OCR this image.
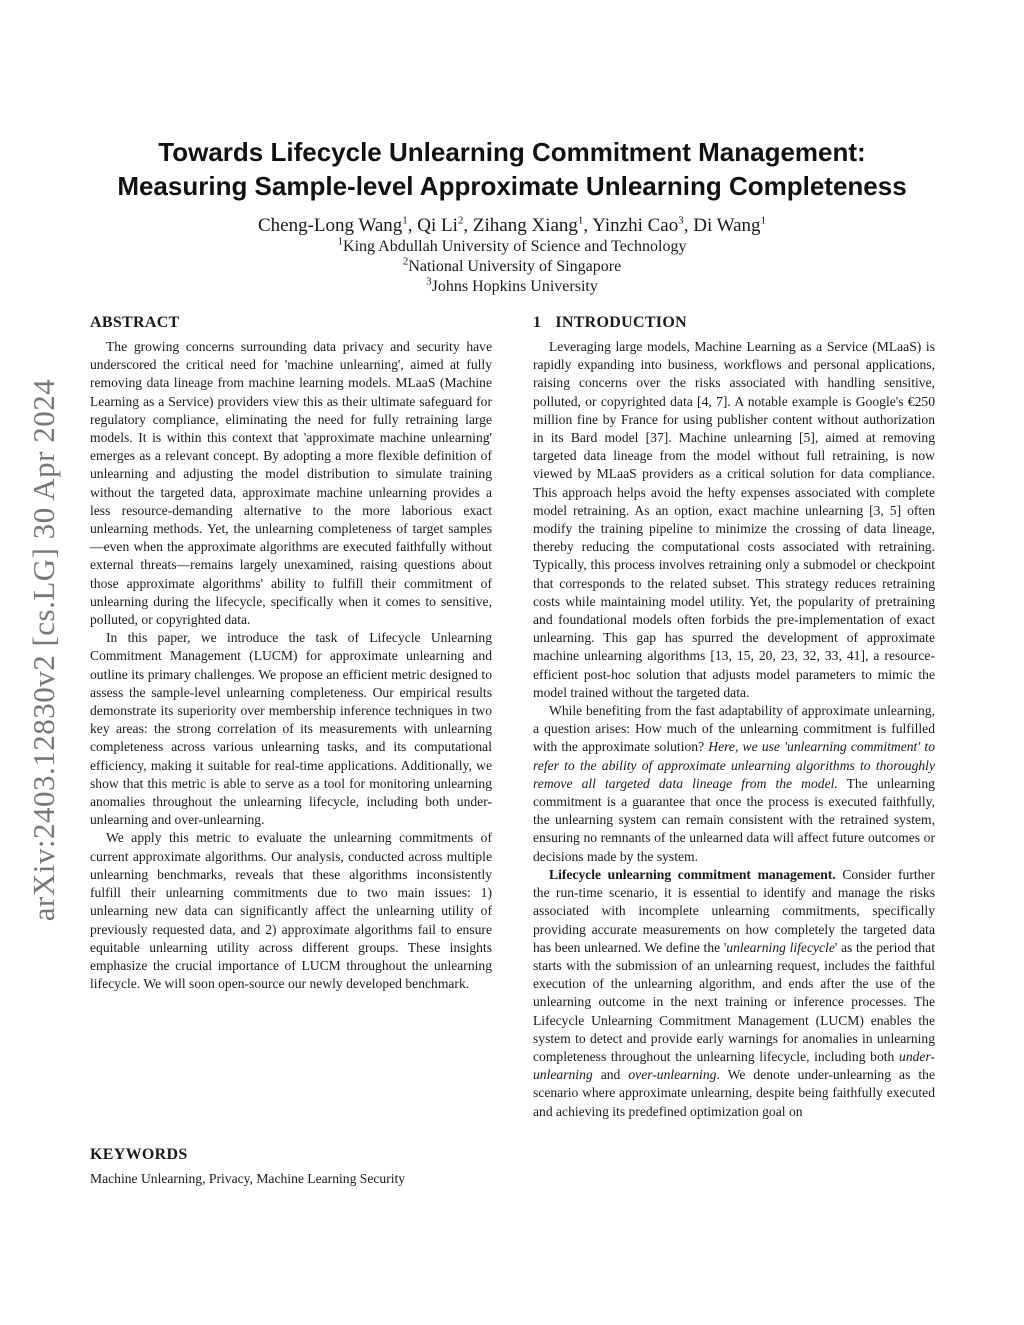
arXiv:2403.12830v2 [cs.LG] 30 Apr 2024
Towards Lifecycle Unlearning Commitment Management:
Measuring Sample-level Approximate Unlearning Completeness
Cheng-Long Wang$^1$, Qi Li$^2$, Zihang Xiang$^1$, Yinzhi Cao$^3$, Di Wang$^1$
$^1$King Abdullah University of Science and Technology
$^2$National University of Singapore
$^3$Johns Hopkins University
ABSTRACT

The growing concerns surrounding data privacy and security have underscored the critical need for 'machine unlearning', aimed at fully removing data lineage from machine learning models. MLaaS (Machine Learning as a Service) providers view this as their ultimate safeguard for regulatory compliance, eliminating the need for fully retraining large models. It is within this context that 'approximate machine unlearning' emerges as a relevant concept. By adopting a more flexible definition of unlearning and adjusting the model distribution to simulate training without the targeted data, approximate machine unlearning provides a less resource-demanding alternative to the more laborious exact unlearning methods. Yet, the unlearning completeness of target samples—even when the approximate algorithms are executed faithfully without external threats—remains largely unexamined, raising questions about those approximate algorithms' ability to fulfill their commitment of unlearning during the lifecycle, specifically when it comes to sensitive, polluted, or copyrighted data.

In this paper, we introduce the task of Lifecycle Unlearning Commitment Management (LUCM) for approximate unlearning and outline its primary challenges. We propose an efficient metric designed to assess the sample-level unlearning completeness. Our empirical results demonstrate its superiority over membership inference techniques in two key areas: the strong correlation of its measurements with unlearning completeness across various unlearning tasks, and its computational efficiency, making it suitable for real-time applications. Additionally, we show that this metric is able to serve as a tool for monitoring unlearning anomalies throughout the unlearning lifecycle, including both under-unlearning and over-unlearning.

We apply this metric to evaluate the unlearning commitments of current approximate algorithms. Our analysis, conducted across multiple unlearning benchmarks, reveals that these algorithms inconsistently fulfill their unlearning commitments due to two main issues: 1) unlearning new data can significantly affect the unlearning utility of previously requested data, and 2) approximate algorithms fail to ensure equitable unlearning utility across different groups. These insights emphasize the crucial importance of LUCM throughout the unlearning lifecycle. We will soon open-source our newly developed benchmark.

KEYWORDS

Machine Unlearning, Privacy, Machine Learning Security

1 INTRODUCTION

Leveraging large models, Machine Learning as a Service (MLaaS) is rapidly expanding into business, workflows and personal applications, raising concerns over the risks associated with handling sensitive, polluted, or copyrighted data [4, 7]. A notable example is Google's €250 million fine by France for using publisher content without authorization in its Bard model [37]. Machine unlearning [5], aimed at removing targeted data lineage from the model without full retraining, is now viewed by MLaaS providers as a critical solution for data compliance. This approach helps avoid the hefty expenses associated with complete model retraining. As an option, exact machine unlearning [3, 5] often modify the training pipeline to minimize the crossing of data lineage, thereby reducing the computational costs associated with retraining. Typically, this process involves retraining only a submodel or checkpoint that corresponds to the related subset. This strategy reduces retraining costs while maintaining model utility. Yet, the popularity of pretraining and foundational models often forbids the pre-implementation of exact unlearning. This gap has spurred the development of approximate machine unlearning algorithms [13, 15, 20, 23, 32, 33, 41], a resource-efficient post-hoc solution that adjusts model parameters to mimic the model trained without the targeted data.

While benefiting from the fast adaptability of approximate unlearning, a question arises: How much of the unlearning commitment is fulfilled with the approximate solution? Here, we use 'unlearning commitment' to refer to the ability of approximate unlearning algorithms to thoroughly remove all targeted data lineage from the model. The unlearning commitment is a guarantee that once the process is executed faithfully, the unlearning system can remain consistent with the retrained system, ensuring no remnants of the unlearned data will affect future outcomes or decisions made by the system.

Lifecycle unlearning commitment management. Consider further the run-time scenario, it is essential to identify and manage the risks associated with incomplete unlearning commitments, specifically providing accurate measurements on how completely the targeted data has been unlearned. We define the 'unlearning lifecycle' as the period that starts with the submission of an unlearning request, includes the faithful execution of the unlearning algorithm, and ends after the use of the unlearning outcome in the next training or inference processes. The Lifecycle Unlearning Commitment Management (LUCM) enables the system to detect and provide early warnings for anomalies in unlearning completeness throughout the unlearning lifecycle, including both under-unlearning and over-unlearning. We denote under-unlearning as the scenario where approximate unlearning, despite being faithfully executed and achieving its predefined optimization goal on
